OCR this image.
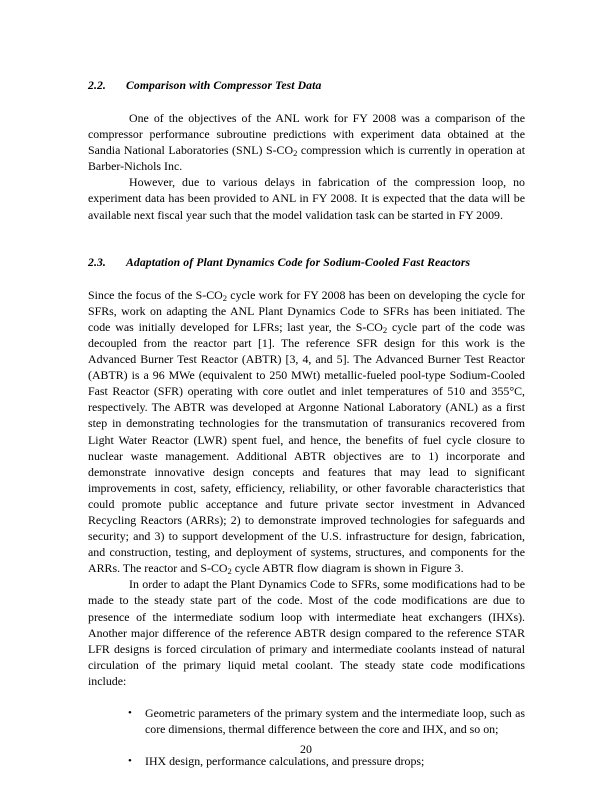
2.2. Comparison with Compressor Test Data

One of the objectives of the ANL work for FY 2008 was a comparison of the compressor performance subroutine predictions with experiment data obtained at the Sandia National Laboratories (SNL) $S-CO_2$ compression which is currently in operation at Barber-Nichols Inc.

However, due to various delays in fabrication of the compression loop, no experiment data has been provided to ANL in FY 2008. It is expected that the data will be available next fiscal year such that the model validation task can be started in FY 2009.

2.3. Adaptation of Plant Dynamics Code for Sodium-Cooled Fast Reactors

Since the focus of the $S-CO_2$ cycle work for FY 2008 has been on developing the cycle for SFRs, work on adapting the ANL Plant Dynamics Code to SFRs has been initiated. The code was initially developed for LFRs; last year, the $S-CO_2$ cycle part of the code was decoupled from the reactor part [1]. The reference SFR design for this work is the Advanced Burner Test Reactor (ABTR) [3, 4, and 5]. The Advanced Burner Test Reactor (ABTR) is a 96 MWe (equivalent to 250 MWt) metallic-fueled pool-type Sodium-Cooled Fast Reactor (SFR) operating with core outlet and inlet temperatures of 510 and 355°C, respectively. The ABTR was developed at Argonne National Laboratory (ANL) as a first step in demonstrating technologies for the transmutation of transuranics recovered from Light Water Reactor (LWR) spent fuel, and hence, the benefits of fuel cycle closure to nuclear waste management. Additional ABTR objectives are to 1) incorporate and demonstrate innovative design concepts and features that may lead to significant improvements in cost, safety, efficiency, reliability, or other favorable characteristics that could promote public acceptance and future private sector investment in Advanced Recycling Reactors (ARRs); 2) to demonstrate improved technologies for safeguards and security; and 3) to support development of the U.S. infrastructure for design, fabrication, and construction, testing, and deployment of systems, structures, and components for the ARRs. The reactor and $S-CO_2$ cycle ABTR flow diagram is shown in Figure 3.

In order to adapt the Plant Dynamics Code to SFRs, some modifications had to be made to the steady state part of the code. Most of the code modifications are due to presence of the intermediate sodium loop with intermediate heat exchangers (IHXs). Another major difference of the reference ABTR design compared to the reference STAR LFR designs is forced circulation of primary and intermediate coolants instead of natural circulation of the primary liquid metal coolant. The steady state code modifications include:

• Geometric parameters of the primary system and the intermediate loop, such as core dimensions, thermal difference between the core and IHX, and so on;
• IHX design, performance calculations, and pressure drops;
20
